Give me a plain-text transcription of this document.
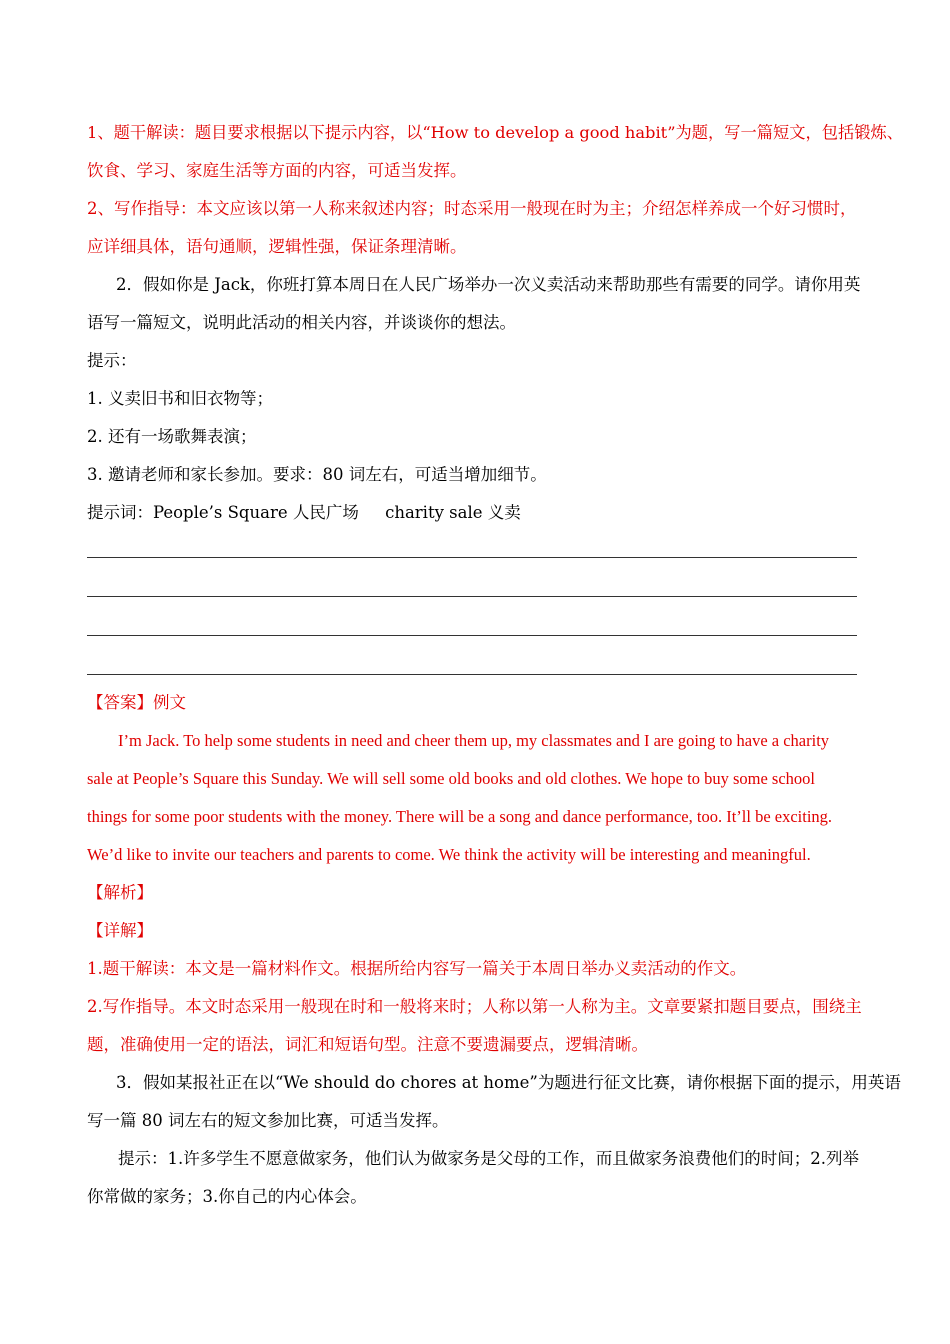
1、题干解读：题目要求根据以下提示内容，以“How to develop a good habit”为题，写一篇短文，包括锻炼、
饮食、学习、家庭生活等方面的内容，可适当发挥。
2、写作指导：本文应该以第一人称来叙述内容；时态采用一般现在时为主；介绍怎样养成一个好习惯时，
应详细具体，语句通顺，逻辑性强，保证条理清晰。
2．假如你是 Jack，你班打算本周日在人民广场举办一次义卖活动来帮助那些有需要的同学。请你用英
语写一篇短文，说明此活动的相关内容，并谈谈你的想法。
提示：
1. 义卖旧书和旧衣物等；
2. 还有一场歌舞表演；
3. 邀请老师和家长参加。要求：80 词左右，可适当增加细节。
提示词：People’s Square 人民广场     charity sale 义卖
【答案】例文
I’m Jack. To help some students in need and cheer them up, my classmates and I are going to have a charity
sale at People’s Square this Sunday. We will sell some old books and old clothes. We hope to buy some school
things for some poor students with the money. There will be a song and dance performance, too. It’ll be exciting.
We’d like to invite our teachers and parents to come. We think the activity will be interesting and meaningful.
【解析】
【详解】
1.题干解读：本文是一篇材料作文。根据所给内容写一篇关于本周日举办义卖活动的作文。
2.写作指导。本文时态采用一般现在时和一般将来时；人称以第一人称为主。文章要紧扣题目要点，围绕主
题，准确使用一定的语法，词汇和短语句型。注意不要遗漏要点，逻辑清晰。
3．假如某报社正在以“We should do chores at home”为题进行征文比赛，请你根据下面的提示，用英语
写一篇 80 词左右的短文参加比赛，可适当发挥。
提示：1.许多学生不愿意做家务，他们认为做家务是父母的工作，而且做家务浪费他们的时间；2.列举
你常做的家务；3.你自己的内心体会。
